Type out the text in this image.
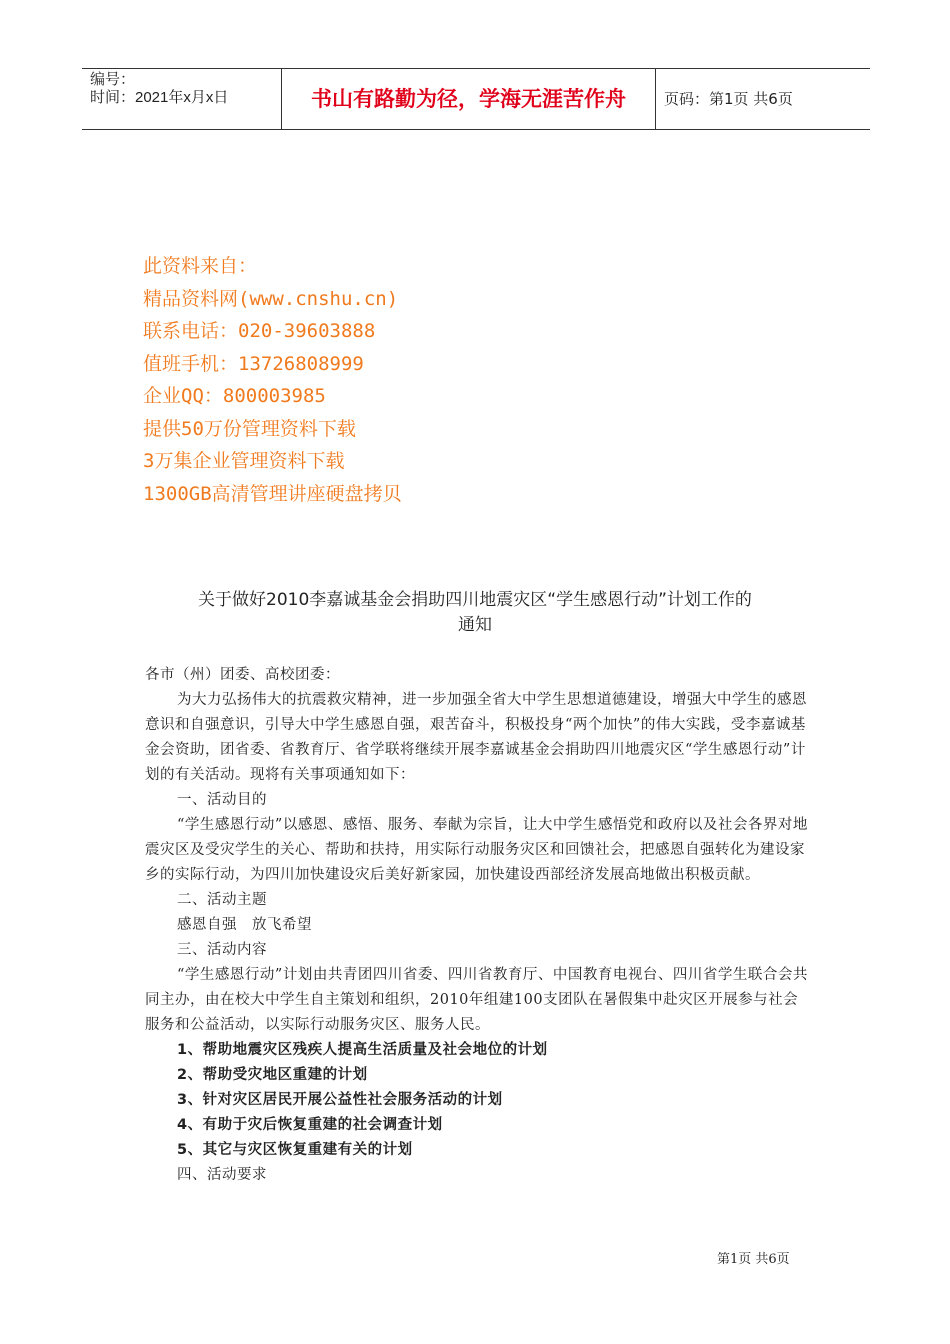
编号：
时间：2021年x月x日	书山有路勤为径，学海无涯苦作舟	页码：第1页 共6页
此资料来自：
精品资料网(www.cnshu.cn)
联系电话：020-39603888
值班手机：13726808999
企业QQ：800003985
提供50万份管理资料下载
3万集企业管理资料下载
1300GB高清管理讲座硬盘拷贝
关于做好2010李嘉诚基金会捐助四川地震灾区“学生感恩行动”计划工作的
通知

各市（州）团委、高校团委：

为大力弘扬伟大的抗震救灾精神，进一步加强全省大中学生思想道德建设，增强大中学生的感恩意识和自强意识，引导大中学生感恩自强，艰苦奋斗，积极投身“两个加快”的伟大实践，受李嘉诚基金会资助，团省委、省教育厅、省学联将继续开展李嘉诚基金会捐助四川地震灾区“学生感恩行动”计划的有关活动。现将有关事项通知如下：

一、活动目的

“学生感恩行动”以感恩、感悟、服务、奉献为宗旨，让大中学生感悟党和政府以及社会各界对地震灾区及受灾学生的关心、帮助和扶持，用实际行动服务灾区和回馈社会，把感恩自强转化为建设家乡的实际行动，为四川加快建设灾后美好新家园，加快建设西部经济发展高地做出积极贡献。

二、活动主题

感恩自强　放飞希望

三、活动内容

“学生感恩行动”计划由共青团四川省委、四川省教育厅、中国教育电视台、四川省学生联合会共同主办，由在校大中学生自主策划和组织，2010年组建100支团队在暑假集中赴灾区开展参与社会服务和公益活动，以实际行动服务灾区、服务人民。

1、帮助地震灾区残疾人提高生活质量及社会地位的计划

2、帮助受灾地区重建的计划

3、针对灾区居民开展公益性社会服务活动的计划

4、有助于灾后恢复重建的社会调查计划

5、其它与灾区恢复重建有关的计划

四、活动要求

第1页 共6页
